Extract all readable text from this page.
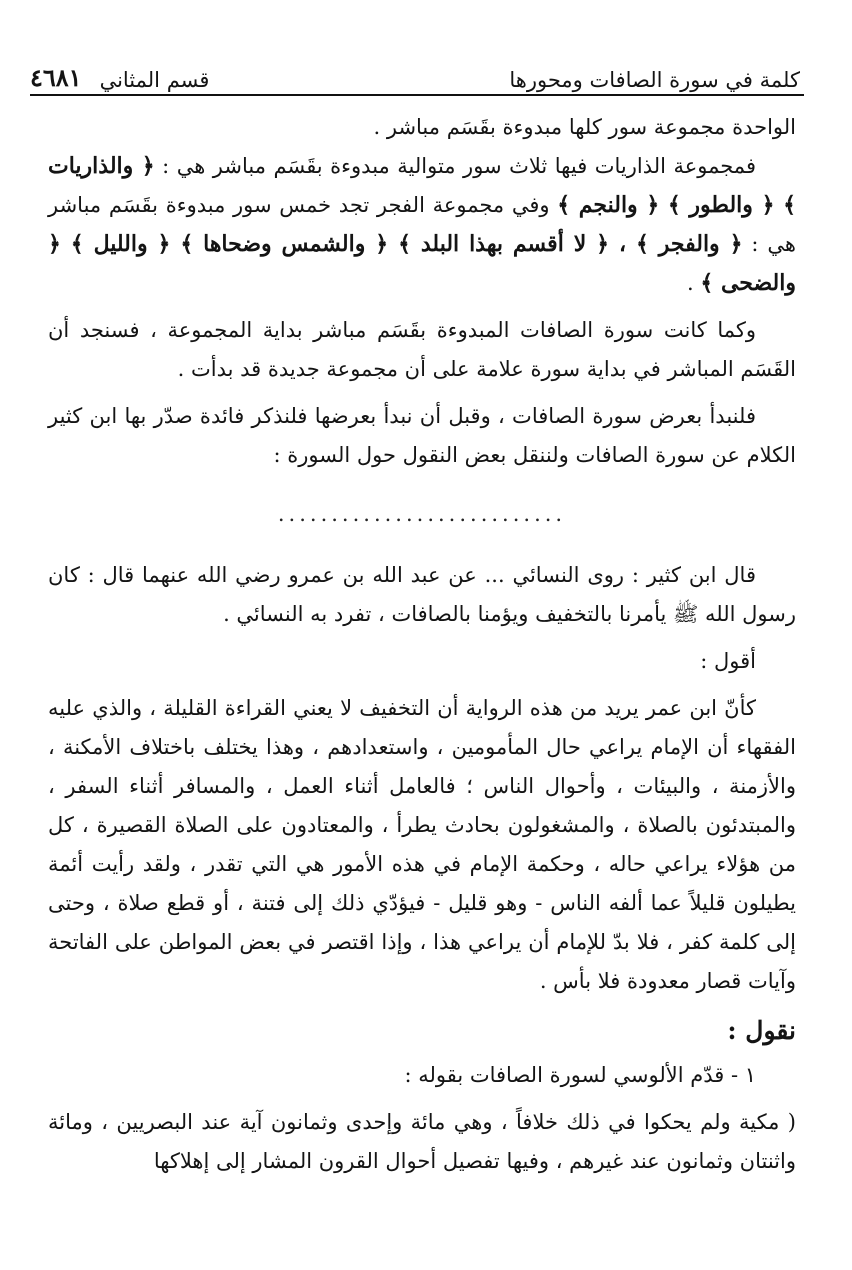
كلمة في سورة الصافات ومحورها
قسم المثاني
٤٦٨١

الواحدة مجموعة سور كلها مبدوءة بقَسَم مباشر .

فمجموعة الذاريات فيها ثلاث سور متوالية مبدوءة بقَسَم مباشر هي : ﴿ والذاريات ﴾ ﴿ والطور ﴾ ﴿ والنجم ﴾ وفي مجموعة الفجر تجد خمس سور مبدوءة بقَسَم مباشر هي : ﴿ والفجر ﴾ ، ﴿ لا أقسم بهذا البلد ﴾ ﴿ والشمس وضحاها ﴾ ﴿ والليل ﴾ ﴿ والضحى ﴾ .

وكما كانت سورة الصافات المبدوءة بقَسَم مباشر بداية المجموعة ، فسنجد أن القَسَم المباشر في بداية سورة علامة على أن مجموعة جديدة قد بدأت .

فلنبدأ بعرض سورة الصافات ، وقبل أن نبدأ بعرضها فلنذكر فائدة صدّر بها ابن كثير الكلام عن سورة الصافات ولننقل بعض النقول حول السورة :

...........................

قال ابن كثير : روى النسائي ... عن عبد الله بن عمرو رضي الله عنهما قال : كان رسول الله ﷺ يأمرنا بالتخفيف ويؤمنا بالصافات ، تفرد به النسائي .

أقول :

كأنّ ابن عمر يريد من هذه الرواية أن التخفيف لا يعني القراءة القليلة ، والذي عليه الفقهاء أن الإمام يراعي حال المأمومين ، واستعدادهم ، وهذا يختلف باختلاف الأمكنة ، والأزمنة ، والبيئات ، وأحوال الناس ؛ فالعامل أثناء العمل ، والمسافر أثناء السفر ، والمبتدئون بالصلاة ، والمشغولون بحادث يطرأ ، والمعتادون على الصلاة القصيرة ، كل من هؤلاء يراعي حاله ، وحكمة الإمام في هذه الأمور هي التي تقدر ، ولقد رأيت أئمة يطيلون قليلاً عما ألفه الناس - وهو قليل - فيؤدّي ذلك إلى فتنة ، أو قطع صلاة ، وحتى إلى كلمة كفر ، فلا بدّ للإمام أن يراعي هذا ، وإذا اقتصر في بعض المواطن على الفاتحة وآيات قصار معدودة فلا بأس .

نقول :

١ - قدّم الألوسي لسورة الصافات بقوله :

( مكية ولم يحكوا في ذلك خلافاً ، وهي مائة وإحدى وثمانون آية عند البصريين ، ومائة واثنتان وثمانون عند غيرهم ، وفيها تفصيل أحوال القرون المشار إلى إهلاكها
